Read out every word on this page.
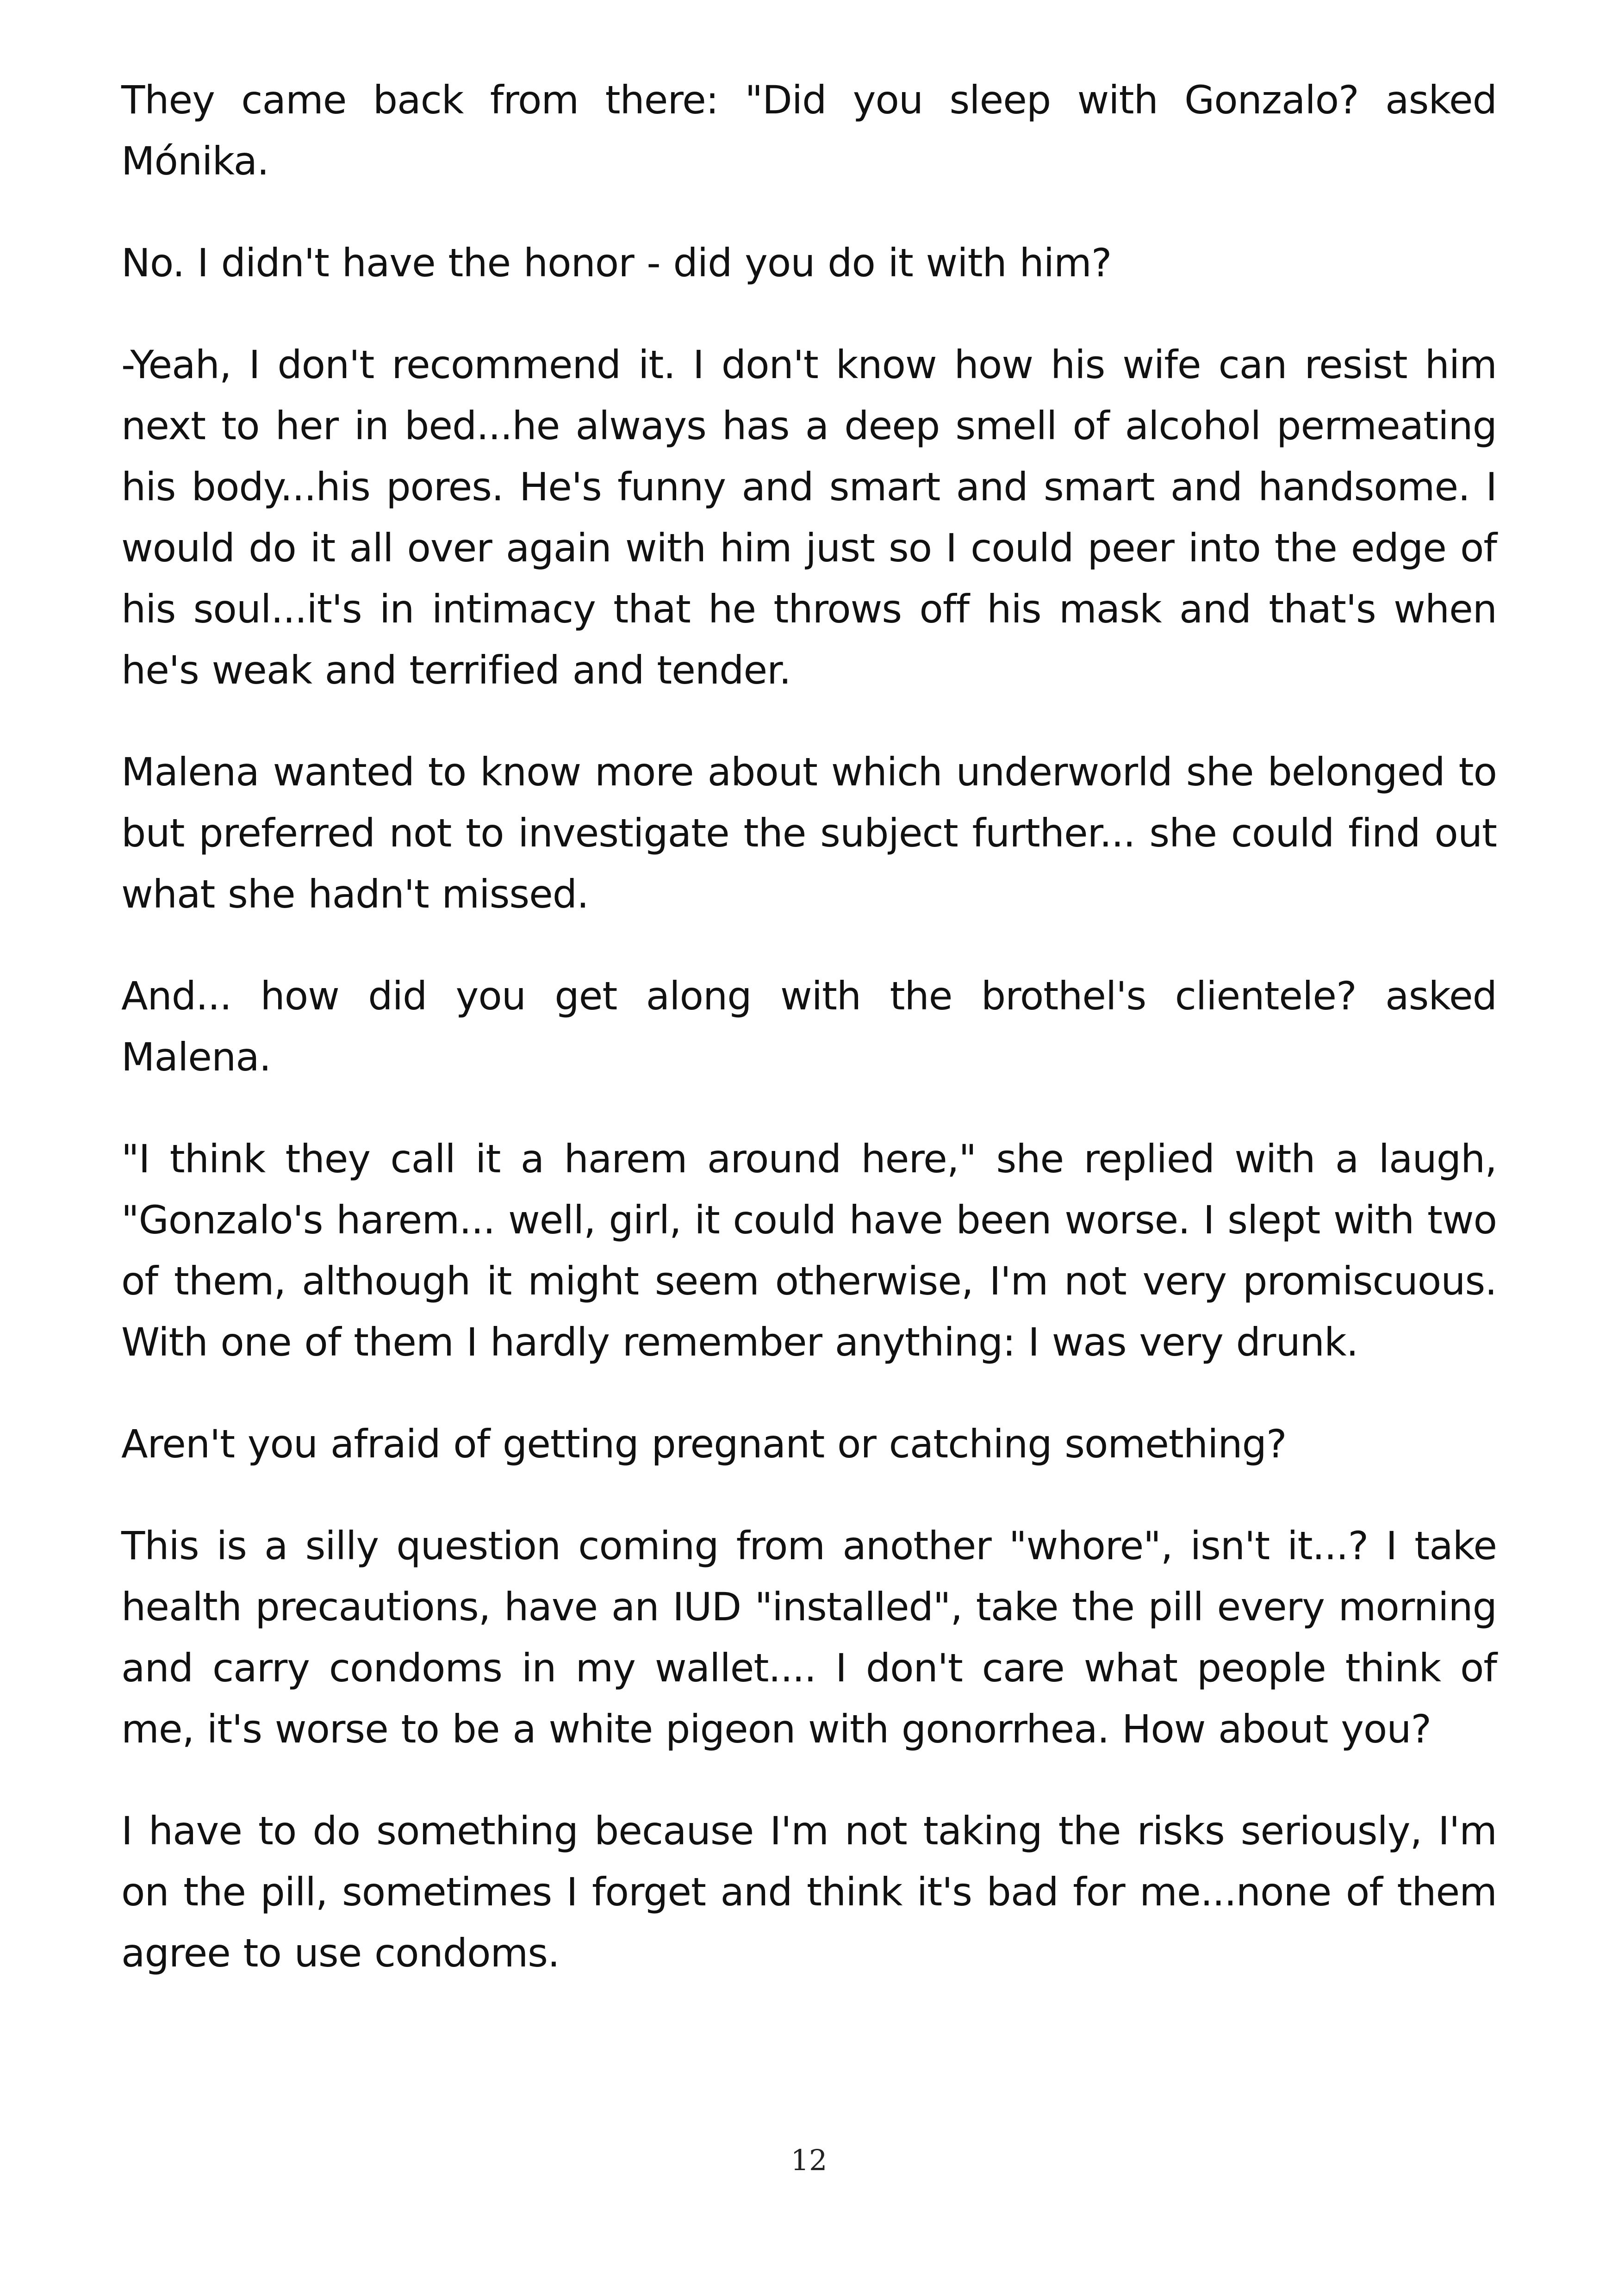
They came back from there: "Did you sleep with Gonzalo? asked Mónika.

No. I didn't have the honor - did you do it with him?

-Yeah, I don't recommend it. I don't know how his wife can resist him next to her in bed...he always has a deep smell of alcohol permeating his body...his pores. He's funny and smart and smart and handsome. I would do it all over again with him just so I could peer into the edge of his soul...it's in intimacy that he throws off his mask and that's when he's weak and terrified and tender.

Malena wanted to know more about which underworld she belonged to but preferred not to investigate the subject further... she could find out what she hadn't missed.

And... how did you get along with the brothel's clientele? asked Malena.

"I think they call it a harem around here," she replied with a laugh, "Gonzalo's harem... well, girl, it could have been worse. I slept with two of them, although it might seem otherwise, I'm not very promiscuous. With one of them I hardly remember anything: I was very drunk.

Aren't you afraid of getting pregnant or catching something?

This is a silly question coming from another "whore", isn't it...? I take health precautions, have an IUD "installed", take the pill every morning and carry condoms in my wallet.... I don't care what people think of me, it's worse to be a white pigeon with gonorrhea. How about you?

I have to do something because I'm not taking the risks seriously, I'm on the pill, sometimes I forget and think it's bad for me...none of them agree to use condoms.

12
